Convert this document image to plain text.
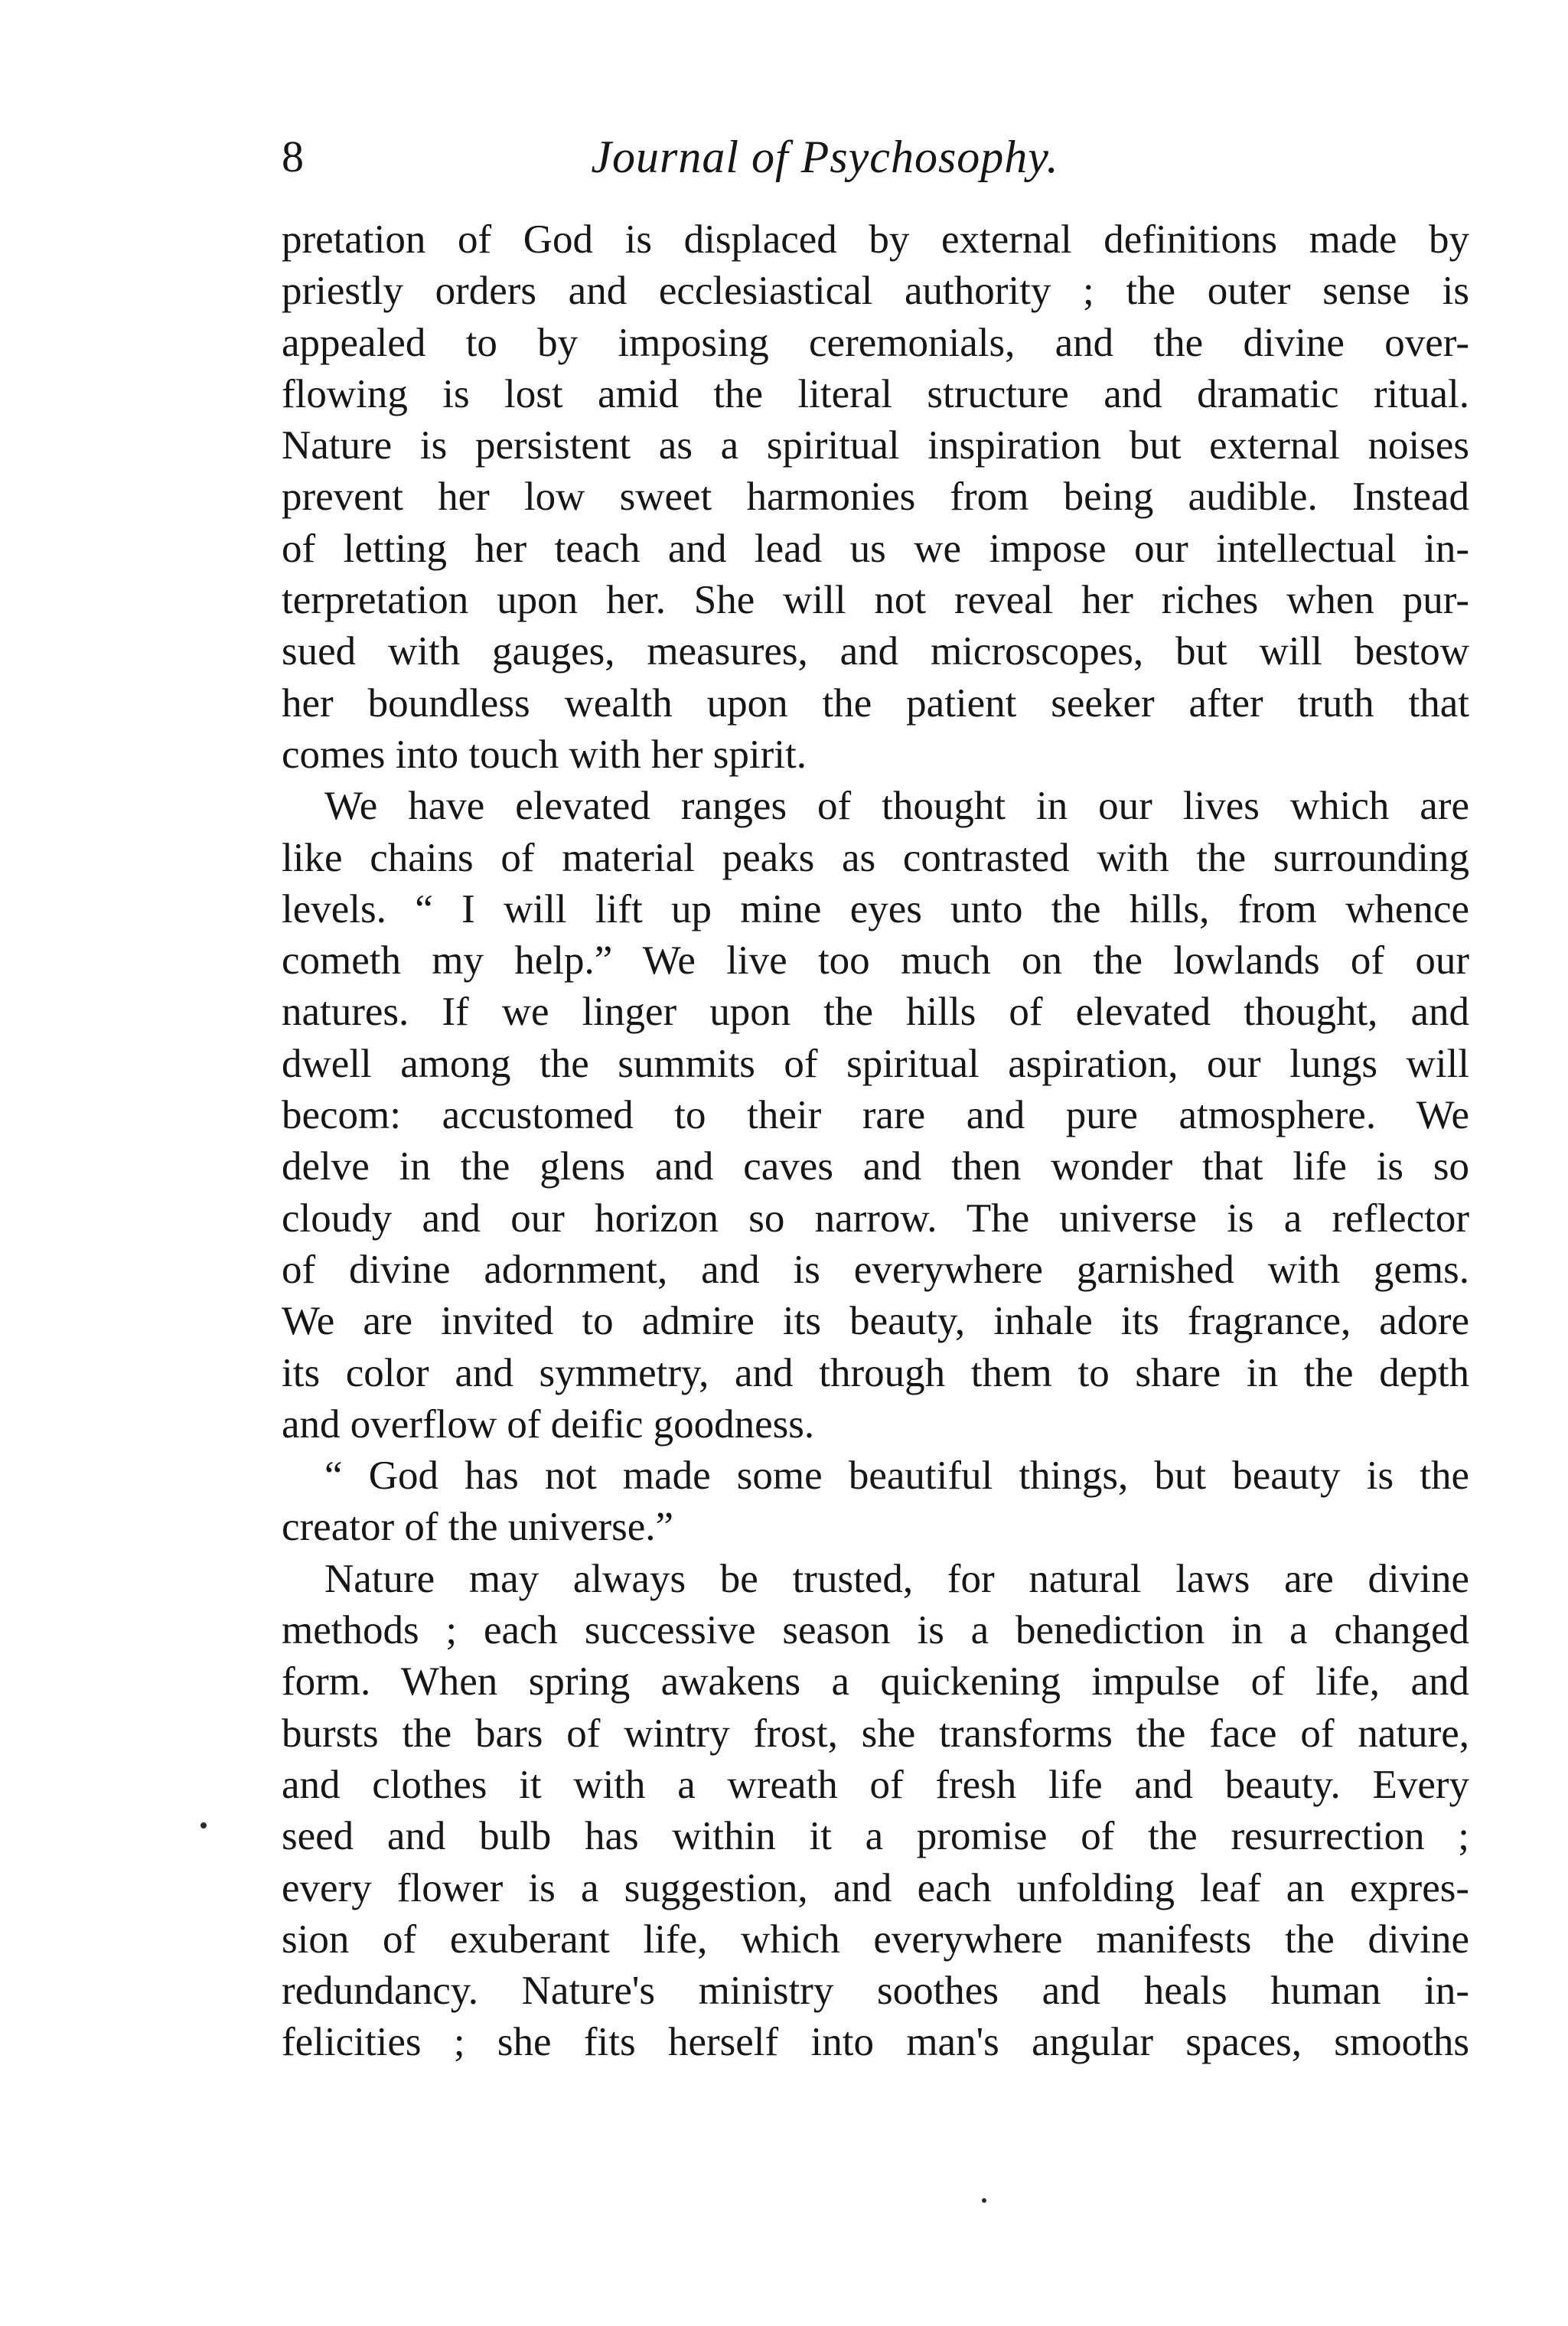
8	Journal of Psychosophy.
pretation of God is displaced by external definitions made by
priestly orders and ecclesiastical authority ; the outer sense is
appealed to by imposing ceremonials, and the divine over-
flowing is lost amid the literal structure and dramatic ritual.
Nature is persistent as a spiritual inspiration but external noises
prevent her low sweet harmonies from being audible. Instead
of letting her teach and lead us we impose our intellectual in-
terpretation upon her. She will not reveal her riches when pur-
sued with gauges, measures, and microscopes, but will bestow
her boundless wealth upon the patient seeker after truth that
comes into touch with her spirit.
We have elevated ranges of thought in our lives which are
like chains of material peaks as contrasted with the surrounding
levels. “ I will lift up mine eyes unto the hills, from whence
cometh my help.” We live too much on the lowlands of our
natures. If we linger upon the hills of elevated thought, and
dwell among the summits of spiritual aspiration, our lungs will
becom: accustomed to their rare and pure atmosphere. We
delve in the glens and caves and then wonder that life is so
cloudy and our horizon so narrow. The universe is a reflector
of divine adornment, and is everywhere garnished with gems.
We are invited to admire its beauty, inhale its fragrance, adore
its color and symmetry, and through them to share in the depth
and overflow of deific goodness.
“ God has not made some beautiful things, but beauty is the
creator of the universe.”
Nature may always be trusted, for natural laws are divine
methods ; each successive season is a benediction in a changed
form. When spring awakens a quickening impulse of life, and
bursts the bars of wintry frost, she transforms the face of nature,
and clothes it with a wreath of fresh life and beauty. Every
seed and bulb has within it a promise of the resurrection ;
every flower is a suggestion, and each unfolding leaf an expres-
sion of exuberant life, which everywhere manifests the divine
redundancy. Nature's ministry soothes and heals human in-
felicities ; she fits herself into man's angular spaces, smooths
